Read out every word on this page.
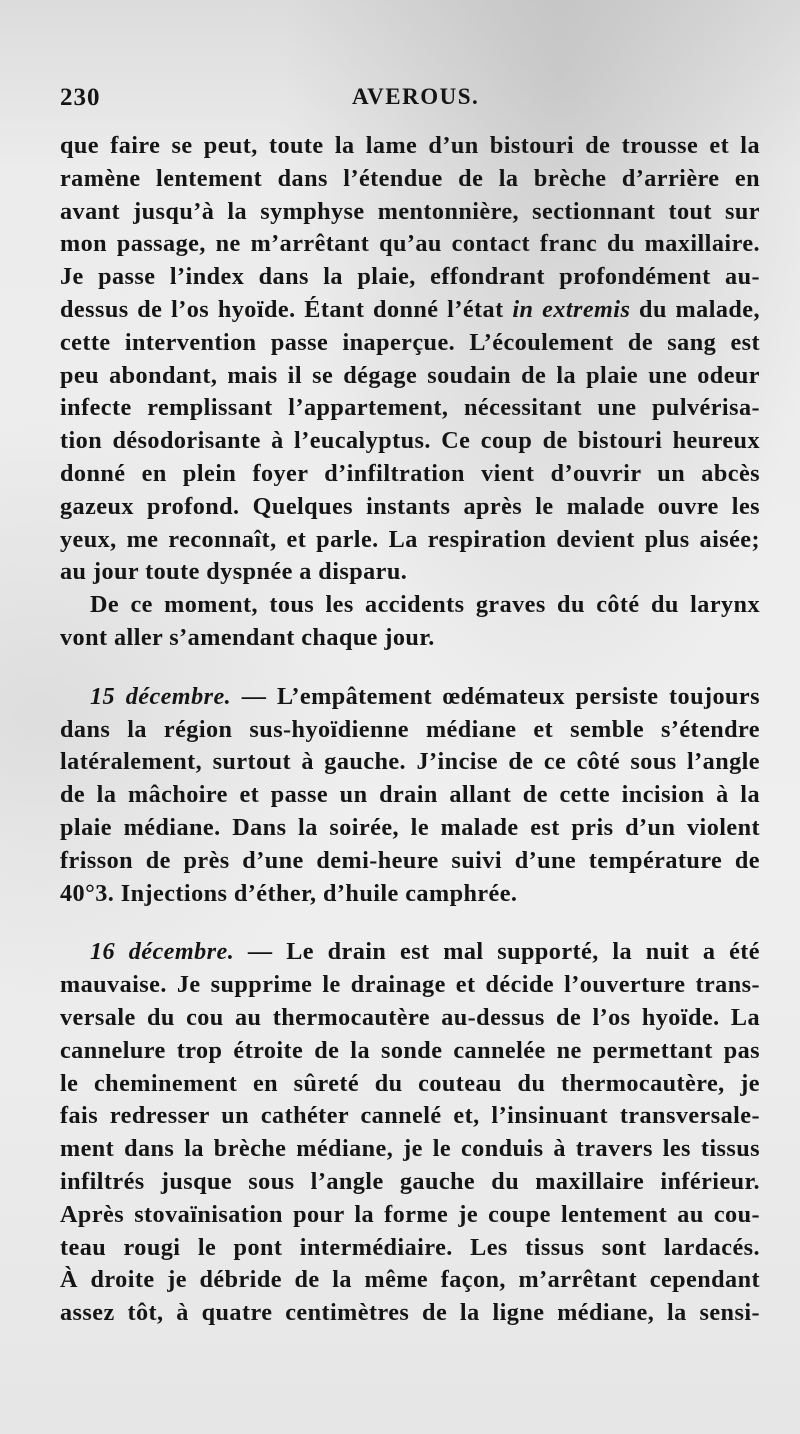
230	AVEROUS.
que faire se peut, toute la lame d’un bistouri de trousse et la
ramène lentement dans l’étendue de la brèche d’arrière en
avant jusqu’à la symphyse mentonnière, sectionnant tout sur
mon passage, ne m’arrêtant qu’au contact franc du maxillaire.
Je passe l’index dans la plaie, effondrant profondément au-
dessus de l’os hyoïde. Étant donné l’état in extremis du malade,
cette intervention passe inaperçue. L’écoulement de sang est
peu abondant, mais il se dégage soudain de la plaie une odeur
infecte remplissant l’appartement, nécessitant une pulvérisa-
tion désodorisante à l’eucalyptus. Ce coup de bistouri heureux
donné en plein foyer d’infiltration vient d’ouvrir un abcès
gazeux profond. Quelques instants après le malade ouvre les
yeux, me reconnaît, et parle. La respiration devient plus aisée;
au jour toute dyspnée a disparu.
De ce moment, tous les accidents graves du côté du larynx
vont aller s’amendant chaque jour.
15 décembre. — L’empâtement œdémateux persiste toujours
dans la région sus-hyoïdienne médiane et semble s’étendre
latéralement, surtout à gauche. J’incise de ce côté sous l’angle
de la mâchoire et passe un drain allant de cette incision à la
plaie médiane. Dans la soirée, le malade est pris d’un violent
frisson de près d’une demi-heure suivi d’une température de
40°3. Injections d’éther, d’huile camphrée.
16 décembre. — Le drain est mal supporté, la nuit a été
mauvaise. Je supprime le drainage et décide l’ouverture trans-
versale du cou au thermocautère au-dessus de l’os hyoïde. La
cannelure trop étroite de la sonde cannelée ne permettant pas
le cheminement en sûreté du couteau du thermocautère, je
fais redresser un cathéter cannelé et, l’insinuant transversale-
ment dans la brèche médiane, je le conduis à travers les tissus
infiltrés jusque sous l’angle gauche du maxillaire inférieur.
Après stovaïnisation pour la forme je coupe lentement au cou-
teau rougi le pont intermédiaire. Les tissus sont lardacés.
À droite je débride de la même façon, m’arrêtant cependant
assez tôt, à quatre centimètres de la ligne médiane, la sensi-
